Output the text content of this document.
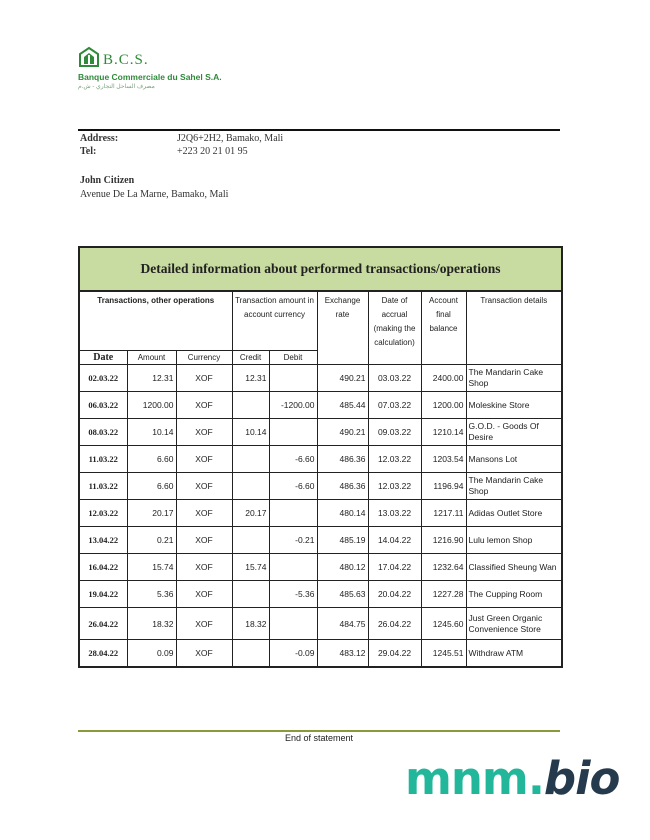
B.C.S.
Banque Commerciale du Sahel S.A.
مصرف الساحل التجاري - ش.م
Address:	J2Q6+2H2, Bamako, Mali
Tel:	+223 20 21 01 95
John Citizen
Avenue De La Marne, Bamako, Mali
Detailed information about performed transactions/operations								
Transactions, other operations			Transaction amount in account currency		Exchange rate	Date of accrual (making the calculation)	Account final balance	Transaction details
Date	Amount	Currency	Credit	Debit				
02.03.22	12.31	XOF	12.31		490.21	03.03.22	2400.00	The Mandarin Cake Shop
06.03.22	1200.00	XOF		-1200.00	485.44	07.03.22	1200.00	Moleskine Store
08.03.22	10.14	XOF	10.14		490.21	09.03.22	1210.14	G.O.D. - Goods Of Desire
11.03.22	6.60	XOF		-6.60	486.36	12.03.22	1203.54	Mansons Lot
11.03.22	6.60	XOF		-6.60	486.36	12.03.22	1196.94	The Mandarin Cake Shop
12.03.22	20.17	XOF	20.17		480.14	13.03.22	1217.11	Adidas Outlet Store
13.04.22	0.21	XOF		-0.21	485.19	14.04.22	1216.90	Lulu lemon Shop
16.04.22	15.74	XOF	15.74		480.12	17.04.22	1232.64	Classified Sheung Wan
19.04.22	5.36	XOF		-5.36	485.63	20.04.22	1227.28	The Cupping Room
26.04.22	18.32	XOF	18.32		484.75	26.04.22	1245.60	Just Green Organic Convenience Store
28.04.22	0.09	XOF		-0.09	483.12	29.04.22	1245.51	Withdraw ATM
End of statement
mnm.bio
